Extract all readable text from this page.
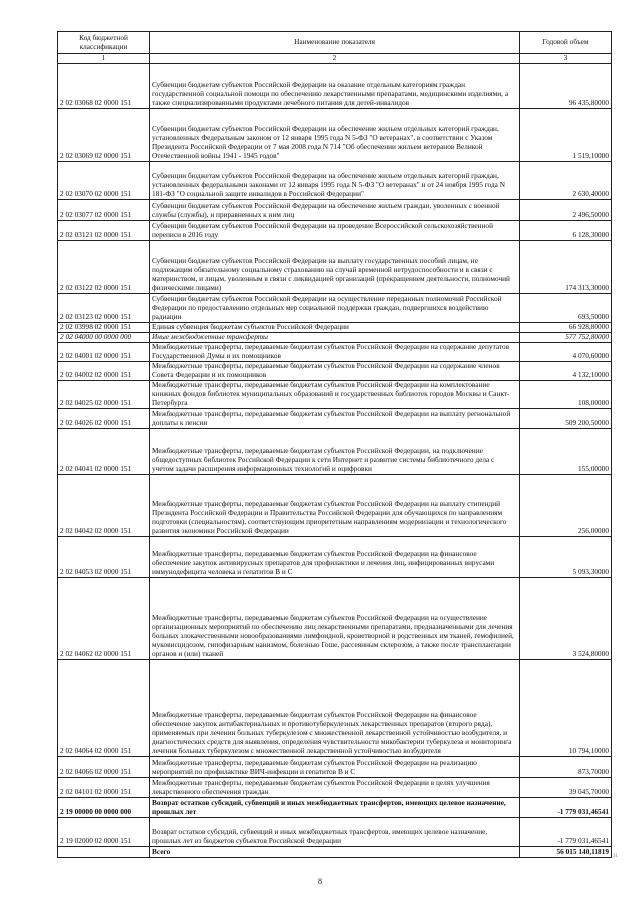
Код бюджетной классификации	Наименование показателя	Годовой объем
1	2	3
2 02 03068 02 0000 151	Субвенции бюджетам субъектов Российской Федерации на оказание отдельным категориям граждан государственной социальной помощи по обеспечению лекарственными препаратами, медицинскими изделиями, а также специализированными продуктами лечебного питания для детей-инвалидов	96 435,80000
2 02 03069 02 0000 151	Субвенции бюджетам субъектов Российской Федерации на обеспечение жильем отдельных категорий граждан, установленных Федеральным законом от 12 января 1995 года N 5-ФЗ "О ветеранах", в соответствии с Указом Президента Российской Федерации от 7 мая 2008 года N 714 "Об обеспечении жильем ветеранов Великой Отечественной войны 1941 - 1945 годов"	1 519,10000
2 02 03070 02 0000 151	Субвенции бюджетам субъектов Российской Федерации на обеспечение жильем отдельных категорий граждан, установленных федеральными законами от 12 января 1995 года N 5-ФЗ "О ветеранах" и от 24 ноября 1995 года N 181-ФЗ "О социальной защите инвалидов в Российской Федерации"	2 630,40000
2 02 03077 02 0000 151	Субвенции бюджетам субъектов Российской Федерации на обеспечение жильем граждан, уволенных с военной службы (службы), и приравненных к ним лиц	2 496,50000
2 02 03121 02 0000 151	Субвенции бюджетам субъектов Российской Федерации на проведение Всероссийской сельскохозяйственной переписи в 2016 году	6 128,30000
2 02 03122 02 0000 151	Субвенции бюджетам субъектов Российской Федерации на выплату государственных пособий лицам, не подлежащим обязательному социальному страхованию на случай временной нетрудоспособности и в связи с материнством, и лицам, уволенным в связи с ликвидацией организаций (прекращением деятельности, полномочий физическими лицами)	174 313,30000
2 02 03123 02 0000 151	Субвенции бюджетам субъектов Российской Федерации на осуществление переданных полномочий Российской Федерации по предоставлению отдельных мер социальной поддержки граждан, подвергшихся воздействию радиации	693,50000
2 02 03998 02 0000 151	Единая субвенция бюджетам субъектов Российской Федерации	66 928,80000
2 02 04000 00 0000 000	Иные межбюджетные трансферты	577 752,80000
2 02 04001 02 0000 151	Межбюджетные трансферты, передаваемые бюджетам субъектов Российской Федерации на содержание депутатов Государственной Думы и их помощников	4 070,60000
2 02 04002 02 0000 151	Межбюджетные трансферты, передаваемые бюджетам субъектов Российской Федерации на содержание членов Совета Федерации и их помощников	4 132,10000
2 02 04025 02 0000 151	Межбюджетные трансферты, передаваемые бюджетам субъектов Российской Федерации на комплектование книжных фондов библиотек муниципальных образований и государственных библиотек городов Москвы и Санкт-Петербурга	108,00000
2 02 04026 02 0000 151	Межбюджетные трансферты, передаваемые бюджетам субъектов Российской Федерации на выплату региональной доплаты к пенсии	509 200,50000
2 02 04041 02 0000 151	Межбюджетные трансферты, передаваемые бюджетам субъектов Российской Федерации, на подключение общедоступных библиотек Российской Федерации к сети Интернет и развитие системы библиотечного дела с учетом задачи расширения информационных технологий и оцифровки	155,00000
2 02 04042 02 0000 151	Межбюджетные трансферты, передаваемые бюджетам субъектов Российской Федерации на выплату стипендий Президента Российской Федерации и Правительства Российской Федерации для обучающихся по направлениям подготовки (специальностям), соответствующим приоритетным направлениям модернизации и технологического развития экономики Российской Федерации	256,00000
2 02 04053 02 0000 151	Межбюджетные трансферты, передаваемые бюджетам субъектов Российской Федерации на финансовое обеспечение закупок антивирусных препаратов для профилактики и лечения лиц, инфицированных вирусами иммунодефицита человека и гепатитов B и C	5 093,30000
2 02 04062 02 0000 151	Межбюджетные трансферты, передаваемые бюджетам субъектов Российской Федерации на осуществление организационных мероприятий по обеспечению лиц лекарственными препаратами, предназначенными для лечения больных злокачественными новообразованиями лимфоидной, кроветворной и родственных им тканей, гемофилией, муковисцидозом, гипофизарным нанизмом, болезнью Гоше, рассеянным склерозом, а также после трансплантации органов и (или) тканей	3 524,80000
2 02 04064 02 0000 151	Межбюджетные трансферты, передаваемые бюджетам субъектов Российской Федерации на финансовое обеспечение закупок антибактериальных и противотуберкулезных лекарственных препаратов (второго ряда), применяемых при лечении больных туберкулезом с множественной лекарственной устойчивостью возбудителя, и диагностических средств для выявления, определения чувствительности микобактерии туберкулеза и мониторинга лечения больных туберкулезом с множественной лекарственной устойчивостью возбудителя	10 794,10000
2 02 04066 02 0000 151	Межбюджетные трансферты, передаваемые бюджетам субъектов Российской Федерации на реализацию мероприятий по профилактике ВИЧ-инфекции и гепатитов B и C	873,70000
2 02 04101 02 0000 151	Межбюджетные трансферты, передаваемые бюджетам субъектов Российской Федерации в целях улучшения лекарственного обеспечения граждан	39 045,70000
2 19 00000 00 0000 000	Возврат остатков субсидий, субвенций и иных межбюджетных трансфертов, имеющих целевое назначение, прошлых лет	-1 779 031,46541
2 19 02000 02 0000 151	Возврат остатков субсидий, субвенций и иных межбюджетных трансфертов, имеющих целевое назначение, прошлых лет из бюджетов субъектов Российской Федерации	-1 779 031,46541
	Всего	56 015 140,11819
31
8
